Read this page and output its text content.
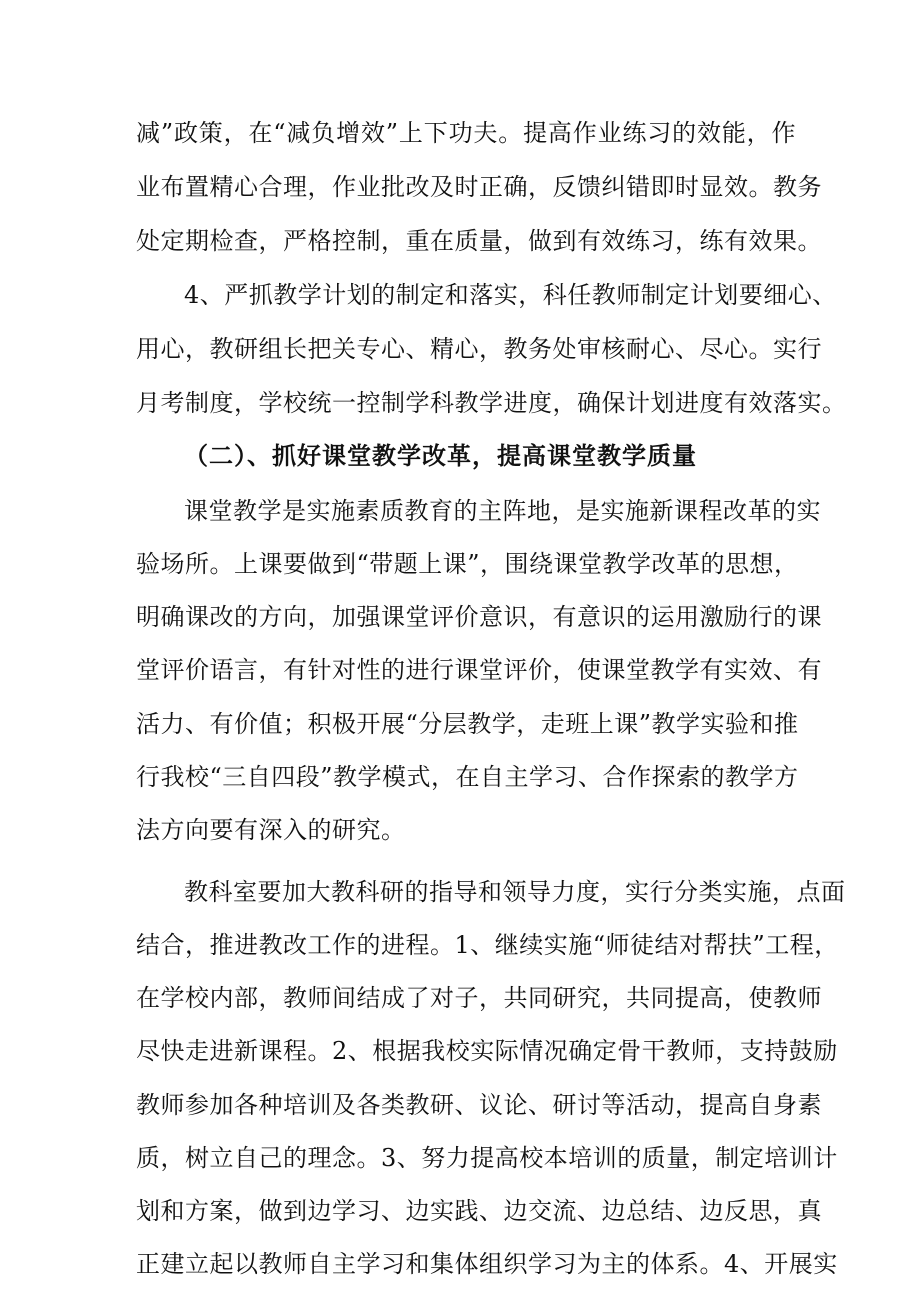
减”政策，在“减负增效”上下功夫。提高作业练习的效能，作
业布置精心合理，作业批改及时正确，反馈纠错即时显效。教务
处定期检查，严格控制，重在质量，做到有效练习，练有效果。
4、严抓教学计划的制定和落实，科任教师制定计划要细心、
用心，教研组长把关专心、精心，教务处审核耐心、尽心。实行
月考制度，学校统一控制学科教学进度，确保计划进度有效落实。
（二）、抓好课堂教学改革，提高课堂教学质量
课堂教学是实施素质教育的主阵地，是实施新课程改革的实
验场所。上课要做到“带题上课”，围绕课堂教学改革的思想，
明确课改的方向，加强课堂评价意识，有意识的运用激励行的课
堂评价语言，有针对性的进行课堂评价，使课堂教学有实效、有
活力、有价值；积极开展“分层教学，走班上课”教学实验和推
行我校“三自四段”教学模式，在自主学习、合作探索的教学方
法方向要有深入的研究。
教科室要加大教科研的指导和领导力度，实行分类实施，点面
结合，推进教改工作的进程。1、继续实施“师徒结对帮扶”工程，
在学校内部，教师间结成了对子，共同研究，共同提高，使教师
尽快走进新课程。2、根据我校实际情况确定骨干教师，支持鼓励
教师参加各种培训及各类教研、议论、研讨等活动，提高自身素
质，树立自己的理念。3、努力提高校本培训的质量，制定培训计
划和方案，做到边学习、边实践、边交流、边总结、边反思，真
正建立起以教师自主学习和集体组织学习为主的体系。4、开展实
